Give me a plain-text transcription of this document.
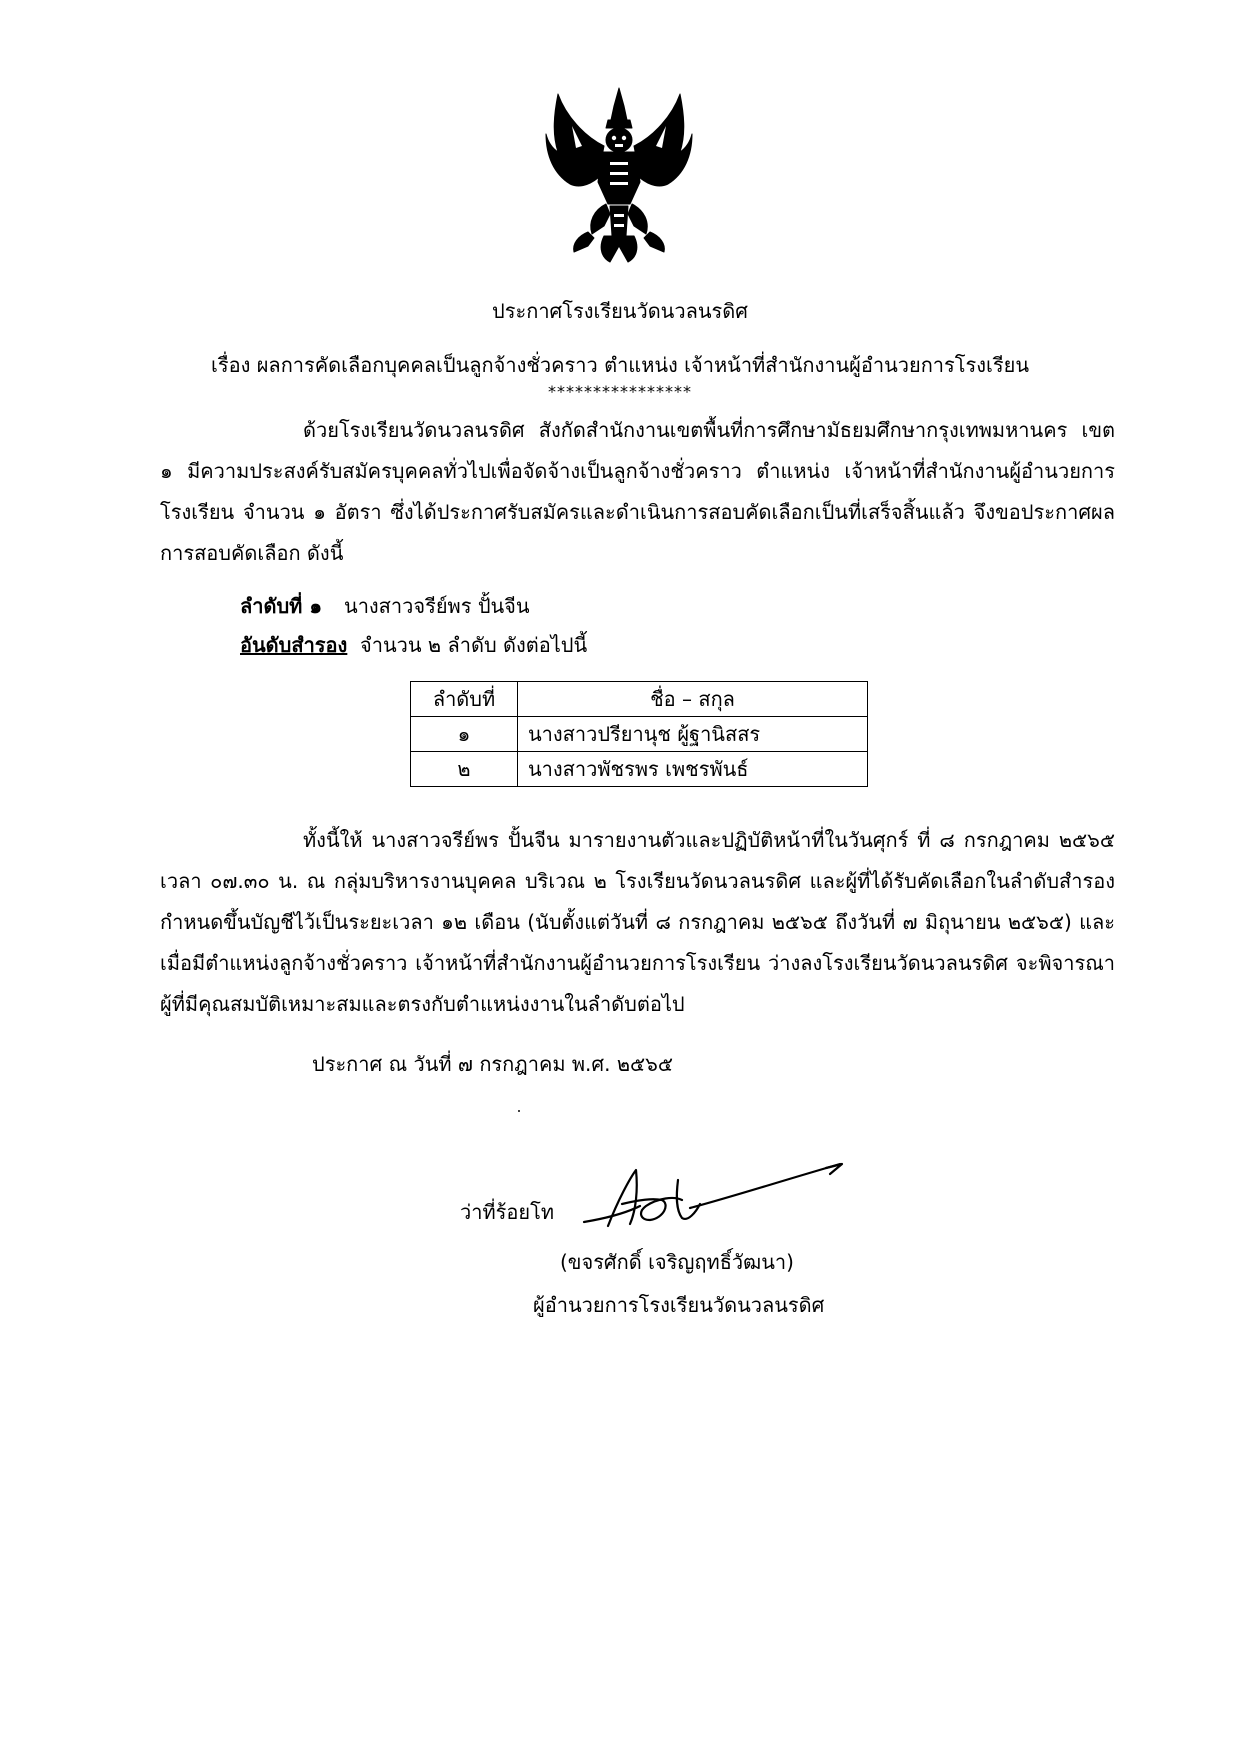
ประกาศโรงเรียนวัดนวลนรดิศ
เรื่อง ผลการคัดเลือกบุคคลเป็นลูกจ้างชั่วคราว ตำแหน่ง เจ้าหน้าที่สำนักงานผู้อำนวยการโรงเรียน
****************
ด้วยโรงเรียนวัดนวลนรดิศ สังกัดสำนักงานเขตพื้นที่การศึกษามัธยมศึกษากรุงเทพมหานคร เขต ๑ มีความประสงค์รับสมัครบุคคลทั่วไปเพื่อจัดจ้างเป็นลูกจ้างชั่วคราว ตำแหน่ง เจ้าหน้าที่สำนักงานผู้อำนวยการโรงเรียน จำนวน ๑ อัตรา ซึ่งได้ประกาศรับสมัครและดำเนินการสอบคัดเลือกเป็นที่เสร็จสิ้นแล้ว จึงขอประกาศผลการสอบคัดเลือก ดังนี้
ลำดับที่ ๑ นางสาวจรีย์พร ปั้นจีน
อันดับสำรอง จำนวน ๒ ลำดับ ดังต่อไปนี้
ลำดับที่	ชื่อ – สกุล
๑	นางสาวปรียานุช ผู้ฐานิสสร
๒	นางสาวพัชรพร เพชรพันธ์
ทั้งนี้ให้ นางสาวจรีย์พร ปั้นจีน มารายงานตัวและปฏิบัติหน้าที่ในวันศุกร์ ที่ ๘ กรกฎาคม ๒๕๖๕ เวลา ๐๗.๓๐ น. ณ กลุ่มบริหารงานบุคคล บริเวณ ๒ โรงเรียนวัดนวลนรดิศ และผู้ที่ได้รับคัดเลือกในลำดับสำรอง กำหนดขึ้นบัญชีไว้เป็นระยะเวลา ๑๒ เดือน (นับตั้งแต่วันที่ ๘ กรกฎาคม ๒๕๖๕ ถึงวันที่ ๗ มิถุนายน ๒๕๖๕) และเมื่อมีตำแหน่งลูกจ้างชั่วคราว เจ้าหน้าที่สำนักงานผู้อำนวยการโรงเรียน ว่างลงโรงเรียนวัดนวลนรดิศ จะพิจารณาผู้ที่มีคุณสมบัติเหมาะสมและตรงกับตำแหน่งงานในลำดับต่อไป
ประกาศ ณ วันที่ ๗ กรกฎาคม พ.ศ. ๒๕๖๕
ว่าที่ร้อยโท
(ขจรศักดิ์ เจริญฤทธิ์วัฒนา)
ผู้อำนวยการโรงเรียนวัดนวลนรดิศ
